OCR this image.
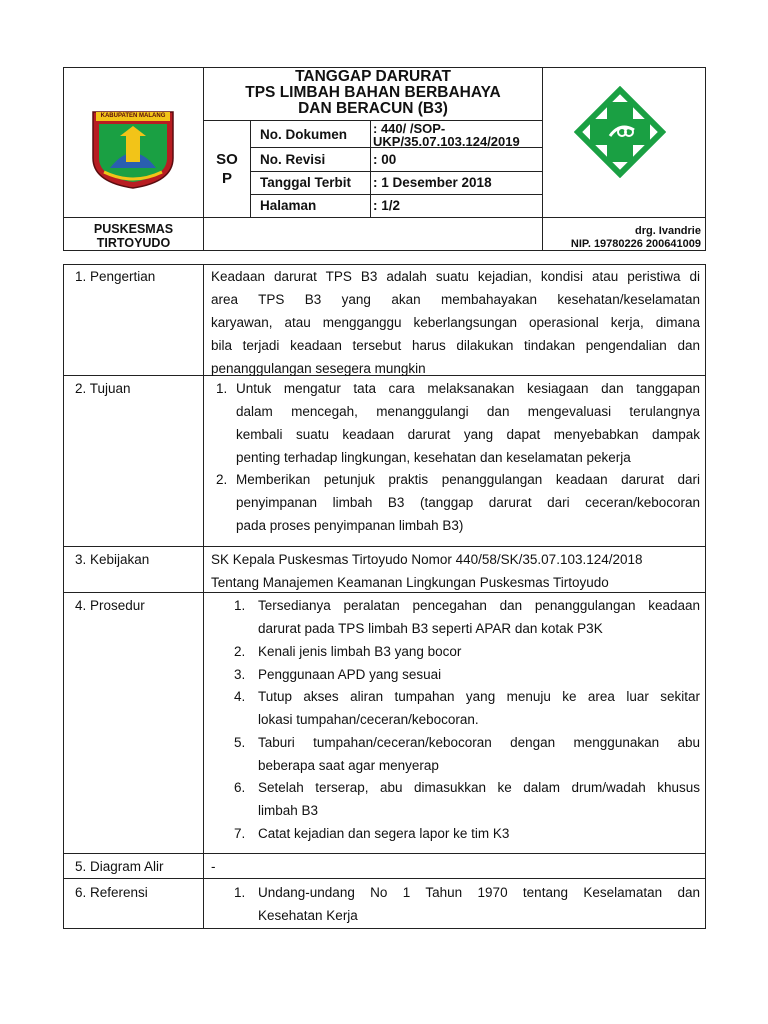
KABUPATEN MALANG
TANGGAP DARURAT
TPS LIMBAH BAHAN BERBAHAYA
DAN BERACUN (B3)
SO
P
No. Dokumen : 440/ /SOP-
UKP/35.07.103.124/2019
No. Revisi	: 00
Tanggal Terbit : 1 Desember 2018
Halaman	: 1/2
PUSKESMAS
TIRTOYUDO
drg. Ivandrie
NIP. 19780226 200641009
1. Pengertian	Keadaan darurat TPS B3 adalah suatu kejadian, kondisi atau peristiwa di
area TPS B3 yang akan membahayakan kesehatan/keselamatan
karyawan, atau mengganggu keberlangsungan operasional kerja, dimana
bila terjadi keadaan tersebut harus dilakukan tindakan pengendalian dan
penanggulangan sesegera mungkin
2. Tujuan	1. Untuk mengatur tata cara melaksanakan kesiagaan dan tanggapan
dalam mencegah, menanggulangi dan mengevaluasi terulangnya
kembali suatu keadaan darurat yang dapat menyebabkan dampak
penting terhadap lingkungan, kesehatan dan keselamatan pekerja
2. Memberikan petunjuk praktis penanggulangan keadaan darurat dari
penyimpanan limbah B3 (tanggap darurat dari ceceran/kebocoran
pada proses penyimpanan limbah B3)
3. Kebijakan	SK Kepala Puskesmas Tirtoyudo Nomor 440/58/SK/35.07.103.124/2018
Tentang Manajemen Keamanan Lingkungan Puskesmas Tirtoyudo
4. Prosedur	1. Tersedianya peralatan pencegahan dan penanggulangan keadaan
darurat pada TPS limbah B3 seperti APAR dan kotak P3K
2. Kenali jenis limbah B3 yang bocor
3. Penggunaan APD yang sesuai
4. Tutup akses aliran tumpahan yang menuju ke area luar sekitar
lokasi tumpahan/ceceran/kebocoran.
5. Taburi tumpahan/ceceran/kebocoran dengan menggunakan abu
beberapa saat agar menyerap
6. Setelah terserap, abu dimasukkan ke dalam drum/wadah khusus
limbah B3
7. Catat kejadian dan segera lapor ke tim K3
5. Diagram Alir	-
6. Referensi	1. Undang-undang No 1 Tahun 1970 tentang Keselamatan dan
Kesehatan Kerja
